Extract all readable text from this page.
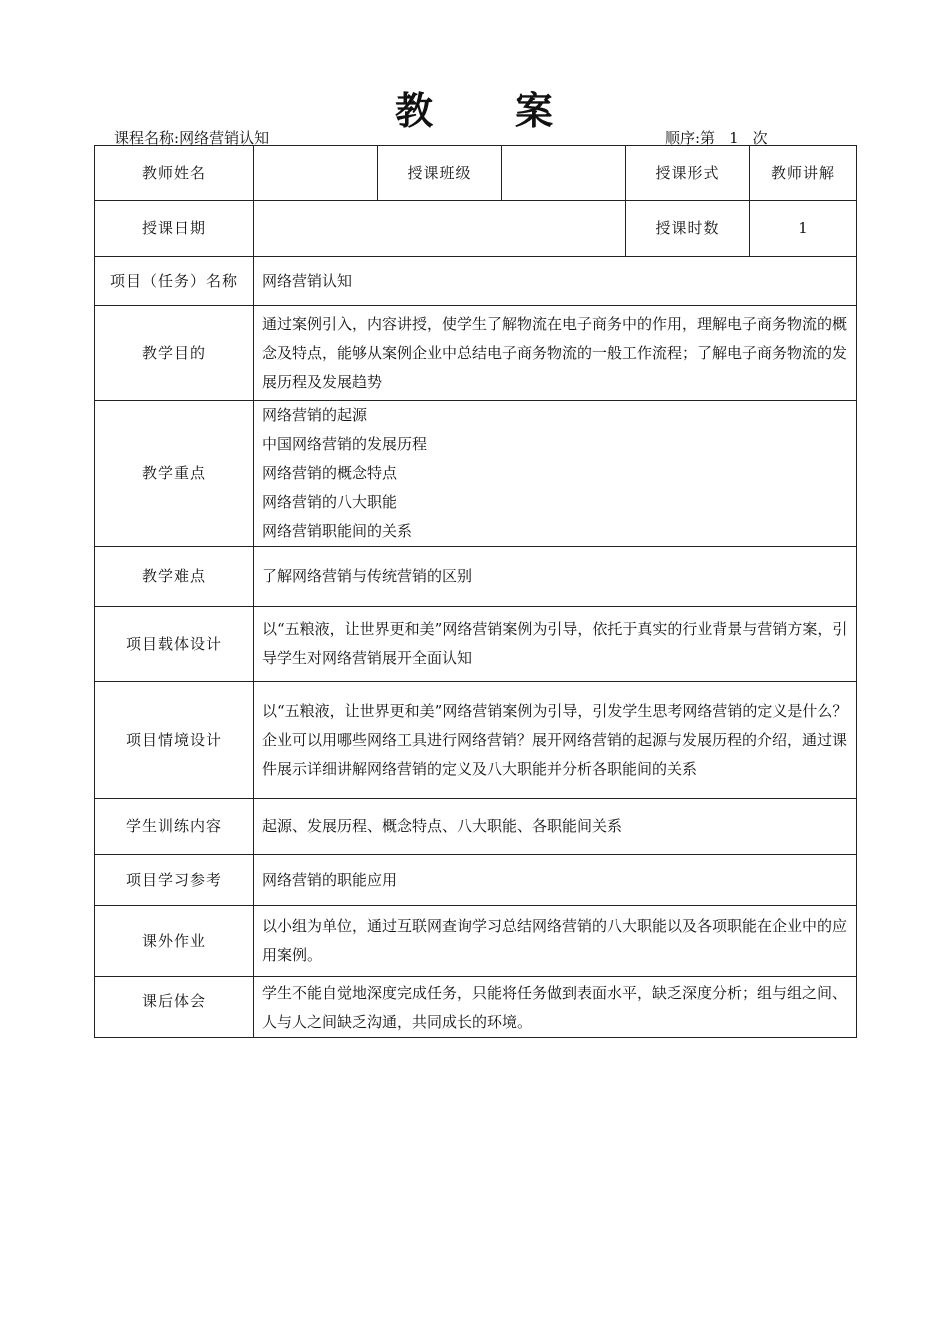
教 案
课程名称:网络营销认知	顺序:第 1 次
教师姓名		授课班级		授课形式	教师讲解
授课日期				授课时数	1
项目（任务）名称	网络营销认知				
教学目的	通过案例引入，内容讲授，使学生了解物流在电子商务中的作用，理解电子商务物流的概念及特点，能够从案例企业中总结电子商务物流的一般工作流程；了解电子商务物流的发展历程及发展趋势				
教学重点	网络营销的起源
中国网络营销的发展历程
网络营销的概念特点
网络营销的八大职能
网络营销职能间的关系				

教学难点	了解网络营销与传统营销的区别				
项目载体设计	以“五粮液，让世界更和美”网络营销案例为引导，依托于真实的行业背景与营销方案，引导学生对网络营销展开全面认知				
项目情境设计	以“五粮液，让世界更和美”网络营销案例为引导，引发学生思考网络营销的定义是什么？企业可以用哪些网络工具进行网络营销？展开网络营销的起源与发展历程的介绍，通过课件展示详细讲解网络营销的定义及八大职能并分析各职能间的关系				
学生训练内容	起源、发展历程、概念特点、八大职能、各职能间关系				
项目学习参考	网络营销的职能应用				
课外作业	以小组为单位，通过互联网查询学习总结网络营销的八大职能以及各项职能在企业中的应用案例。				
课后体会	学生不能自觉地深度完成任务，只能将任务做到表面水平，缺乏深度分析；组与组之间、人与人之间缺乏沟通，共同成长的环境。				
